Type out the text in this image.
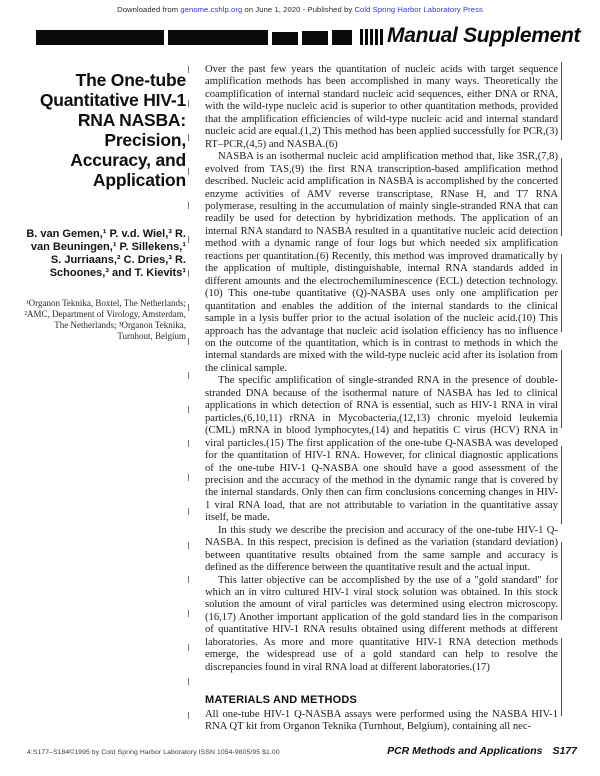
Downloaded from genome.cshlp.org on June 1, 2020 - Published by Cold Spring Harbor Laboratory Press
Manual Supplement
The One-tube Quantitative HIV-1 RNA NASBA: Precision, Accuracy, and Application
B. van Gemen,¹ P. v.d. Wiel,³ R. van Beuningen,¹ P. Sillekens,¹ S. Jurriaans,² C. Dries,³ R. Schoones,³ and T. Kievits¹
¹Organon Teknika, Boxtel, The Netherlands; ²AMC, Department of Virology, Amsterdam, The Netherlands; ³Organon Teknika, Turnhout, Belgium

Over the past few years the quantitation of nucleic acids with target sequence amplification methods has been accomplished in many ways. Theoretically the coamplification of internal standard nucleic acid sequences, either DNA or RNA, with the wild-type nucleic acid is superior to other quantitation methods, provided that the amplification efficiencies of wild-type nucleic acid and internal standard nucleic acid are equal.(1,2) This method has been applied successfully for PCR,(3) RT–PCR,(4,5) and NASBA.(6)

NASBA is an isothermal nucleic acid amplification method that, like 3SR,(7,8) evolved from TAS,(9) the first RNA transcription-based amplification method described. Nucleic acid amplification in NASBA is accomplished by the concerted enzyme activities of AMV reverse transcriptase, RNase H, and T7 RNA polymerase, resulting in the accumulation of mainly single-stranded RNA that can readily be used for detection by hybridization methods. The application of an internal RNA standard to NASBA resulted in a quantitative nucleic acid detection method with a dynamic range of four logs but which needed six amplification reactions per quantitation.(6) Recently, this method was improved dramatically by the application of multiple, distinguishable, internal RNA standards added in different amounts and the electrochemiluminescence (ECL) detection technology.(10) This one-tube quantitative (Q)-NASBA uses only one amplification per quantitation and enables the addition of the internal standards to the clinical sample in a lysis buffer prior to the actual isolation of the nucleic acid.(10) This approach has the advantage that nucleic acid isolation efficiency has no influence on the outcome of the quantitation, which is in contrast to methods in which the internal standards are mixed with the wild-type nucleic acid after its isolation from the clinical sample.

The specific amplification of single-stranded RNA in the presence of double-stranded DNA because of the isothermal nature of NASBA has led to clinical applications in which detection of RNA is essential, such as HIV-1 RNA in viral particles,(6,10,11) rRNA in Mycobacteria,(12,13) chronic myeloid leukemia (CML) mRNA in blood lymphocytes,(14) and hepatitis C virus (HCV) RNA in viral particles.(15) The first application of the one-tube Q-NASBA was developed for the quantitation of HIV-1 RNA. However, for clinical diagnostic applications of the one-tube HIV-1 Q-NASBA one should have a good assessment of the precision and the accuracy of the method in the dynamic range that is covered by the internal standards. Only then can firm conclusions concerning changes in HIV-1 viral RNA load, that are not attributable to variation in the quantitative assay itself, be made.

In this study we describe the precision and accuracy of the one-tube HIV-1 Q-NASBA. In this respect, precision is defined as the variation (standard deviation) between quantitative results obtained from the same sample and accuracy is defined as the difference between the quantitative result and the actual input.

This latter objective can be accomplished by the use of a "gold standard" for which an in vitro cultured HIV-1 viral stock solution was obtained. In this stock solution the amount of viral particles was determined using electron microscopy.(16,17) Another important application of the gold standard lies in the comparison of quantitative HIV-1 RNA results obtained using different methods at different laboratories. As more and more quantitative HIV-1 RNA detection methods emerge, the widespread use of a gold standard can help to resolve the discrepancies found in viral RNA load at different laboratories.(17)

MATERIALS AND METHODS

All one-tube HIV-1 Q-NASBA assays were performed using the NASBA HIV-1 RNA QT kit from Organon Teknika (Turnhout, Belgium), containing all nec-

4:S177–S184©1995 by Cold Spring Harbor Laboratory ISSN 1054-9805/95 $1.00	PCR Methods and Applications S177
